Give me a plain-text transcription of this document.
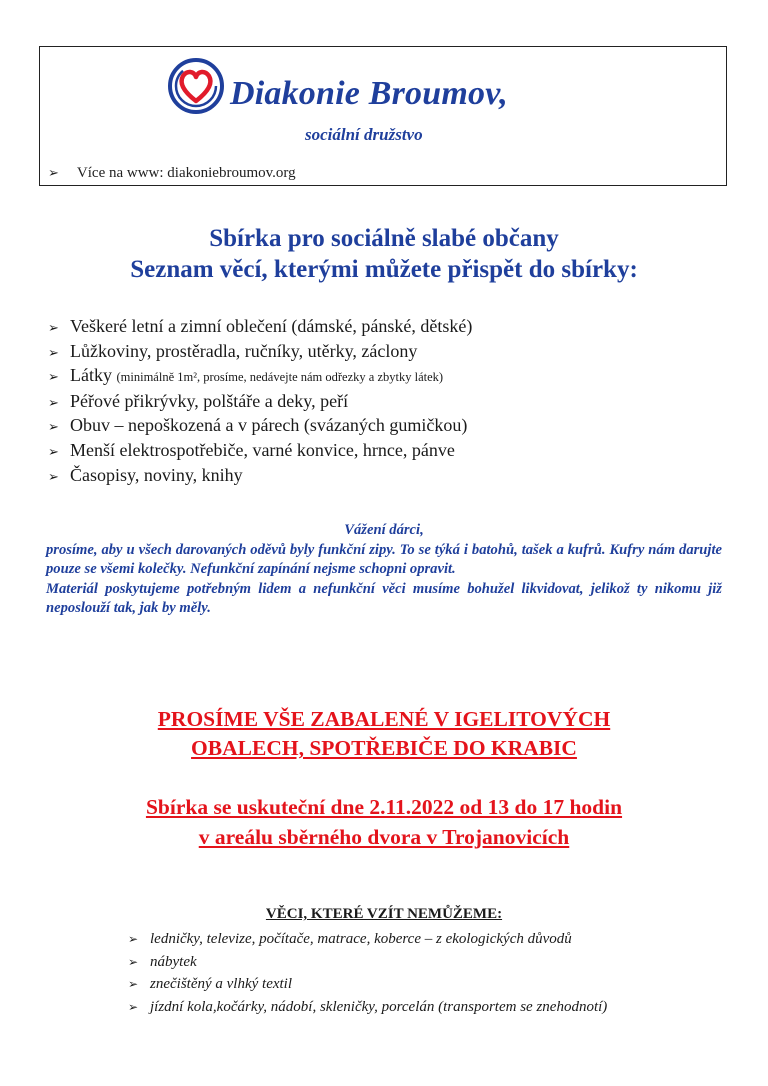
Diakonie Broumov,
sociální družstvo
➢ Více na www: diakoniebroumov.org
Sbírka pro sociálně slabé občany
Seznam věcí, kterými můžete přispět do sbírky:
➢ Veškeré letní a zimní oblečení (dámské, pánské, dětské)
➢ Lůžkoviny, prostěradla, ručníky, utěrky, záclony
➢ Látky (minimálně 1m², prosíme, nedávejte nám odřezky a zbytky látek)
➢ Péřové přikrývky, polštáře a deky, peří
➢ Obuv – nepoškozená a v párech (svázaných gumičkou)
➢ Menší elektrospotřebiče, varné konvice, hrnce, pánve
➢ Časopisy, noviny, knihy

Vážení dárci,

prosíme, aby u všech darovaných oděvů byly funkční zipy. To se týká i batohů, tašek a kufrů. Kufry nám darujte pouze se všemi kolečky. Nefunkční zapínání nejsme schopni opravit.

Materiál poskytujeme potřebným lidem a nefunkční věci musíme bohužel likvidovat, jelikož ty nikomu již neposlouží tak, jak by měly.

PROSÍME VŠE ZABALENÉ V IGELITOVÝCH
OBALECH, SPOTŘEBIČE DO KRABIC
Sbírka se uskuteční dne 2.11.2022 od 13 do 17 hodin
v areálu sběrného dvora v Trojanovicích
VĚCI, KTERÉ VZÍT NEMŮŽEME:
➢ ledničky, televize, počítače, matrace, koberce – z ekologických důvodů
➢ nábytek
➢ znečištěný a vlhký textil
➢ jízdní kola,kočárky, nádobí, skleničky, porcelán (transportem se znehodnotí)
